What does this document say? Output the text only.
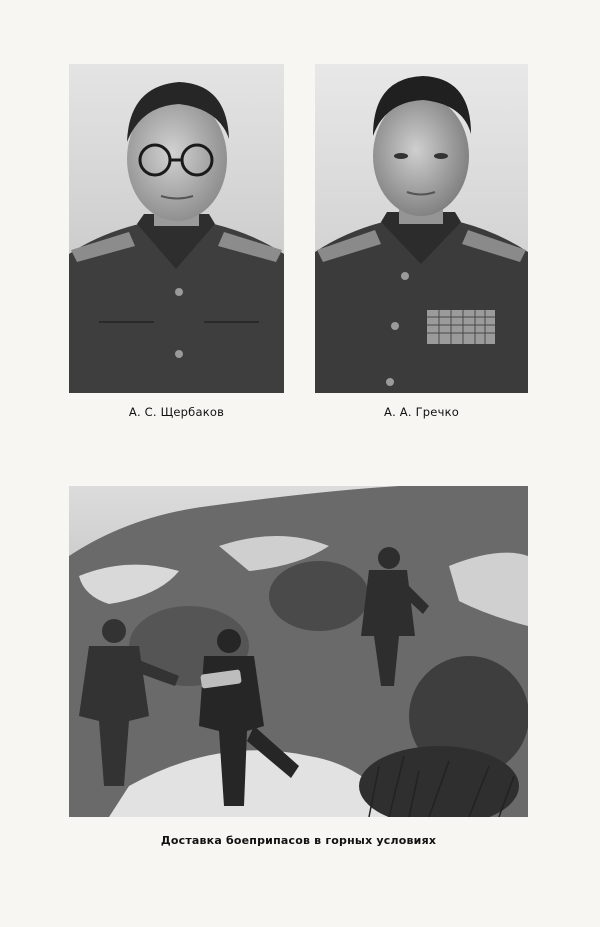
А. С. Щербаков	А. А. Гречко
Доставка боеприпасов в горных условиях
